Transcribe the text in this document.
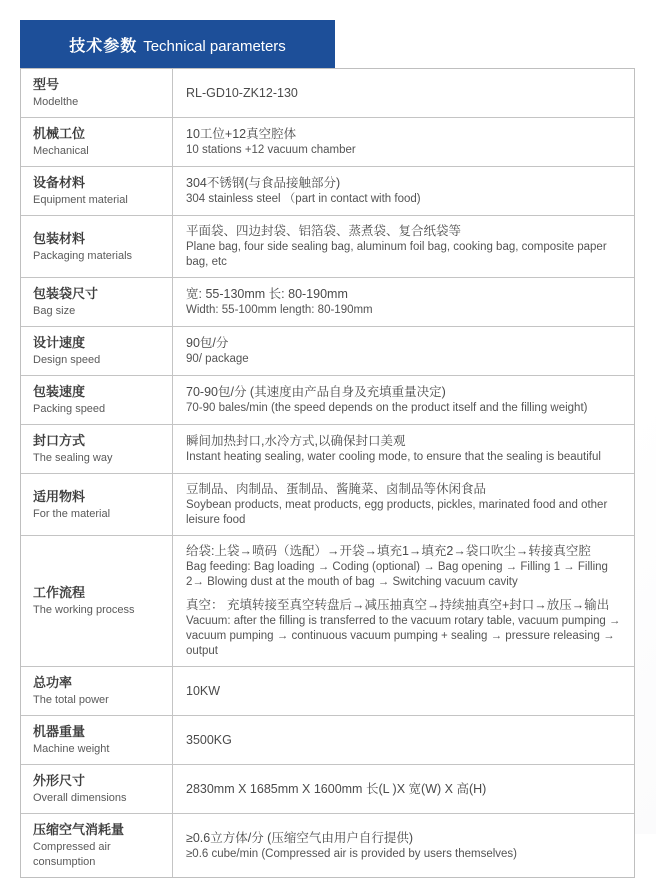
技术参数 Technical parameters
型号
Modelthe
RL-GD10-ZK12-130
机械工位
Mechanical
10工位+12真空腔体
10 stations +12 vacuum chamber
设备材料
Equipment material
304不锈钢(与食品接触部分)
304 stainless steel （part in contact with food)
包装材料
Packaging materials
平面袋、四边封袋、铝箔袋、蒸煮袋、复合纸袋等
Plane bag, four side sealing bag, aluminum foil bag, cooking bag, composite paper bag, etc
包装袋尺寸
Bag size
宽: 55-130mm 长: 80-190mm
Width: 55-100mm length: 80-190mm
设计速度
Design speed
90包/分
90/ package
包装速度
Packing speed
70-90包/分 (其速度由产品自身及充填重量决定)
70-90 bales/min (the speed depends on the product itself and the filling weight)
封口方式
The sealing way
瞬间加热封口,水冷方式,以确保封口美观
Instant heating sealing, water cooling mode, to ensure that the sealing is beautiful
适用物料
For the material
豆制品、肉制品、蛋制品、酱腌菜、卤制品等休闲食品
Soybean products, meat products, egg products, pickles, marinated food and other leisure food
工作流程
The working process
给袋:上袋→喷码（选配）→开袋→填充1→填充2→袋口吹尘→转接真空腔
Bag feeding: Bag loading → Coding (optional) → Bag opening → Filling 1 → Filling 2→ Blowing dust at the mouth of bag → Switching vacuum cavity
真空： 充填转接至真空转盘后→减压抽真空→持续抽真空+封口→放压→输出
Vacuum: after the filling is transferred to the vacuum rotary table, vacuum pumping → vacuum pumping → continuous vacuum pumping + sealing → pressure releasing → output
总功率
The total power
10KW
机器重量
Machine weight
3500KG
外形尺寸
Overall dimensions
2830mm X 1685mm X 1600mm 长(L )X 宽(W) X 高(H)
压缩空气消耗量
Compressed air consumption
≥0.6立方体/分 (压缩空气由用户自行提供)
≥0.6 cube/min (Compressed air is provided by users themselves)
